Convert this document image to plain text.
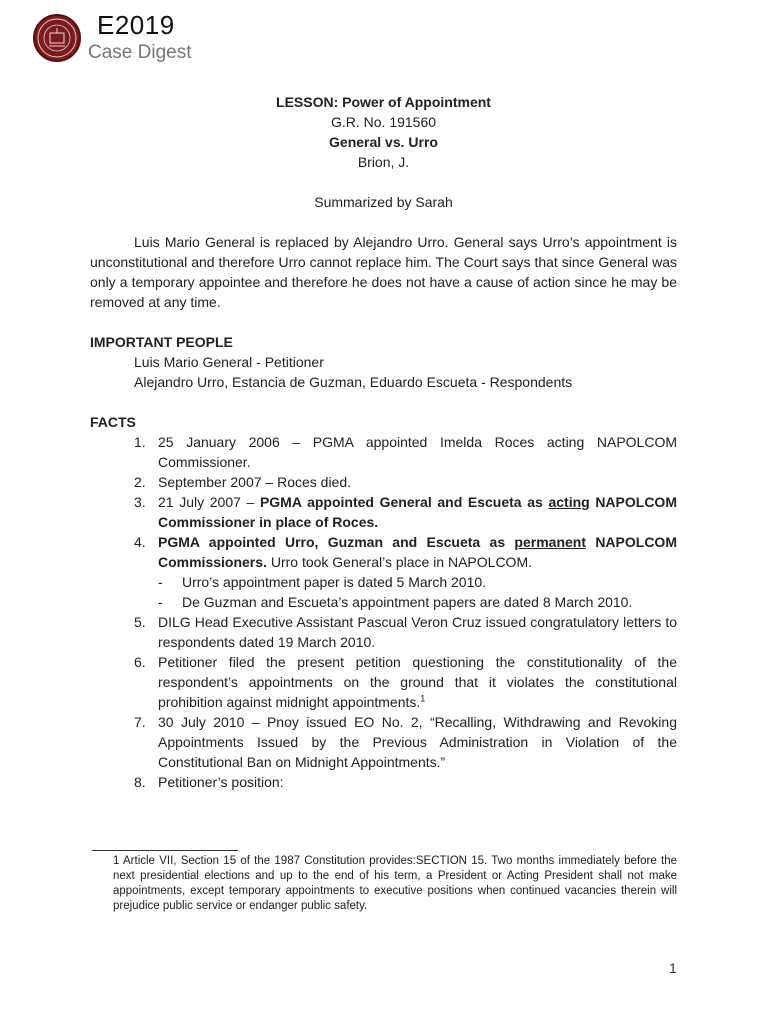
E2019
Case Digest
LESSON: Power of Appointment
G.R. No. 191560
General vs. Urro
Brion, J.
Summarized by Sarah
Luis Mario General is replaced by Alejandro Urro. General says Urro’s appointment is unconstitutional and therefore Urro cannot replace him. The Court says that since General was only a temporary appointee and therefore he does not have a cause of action since he may be removed at any time.
IMPORTANT PEOPLE
Luis Mario General - Petitioner
Alejandro Urro, Estancia de Guzman, Eduardo Escueta - Respondents
FACTS
1. 25 January 2006 – PGMA appointed Imelda Roces acting NAPOLCOM Commissioner.
2. September 2007 – Roces died.
3. 21 July 2007 – PGMA appointed General and Escueta as acting NAPOLCOM Commissioner in place of Roces.
4. PGMA appointed Urro, Guzman and Escueta as permanent NAPOLCOM Commissioners. Urro took General’s place in NAPOLCOM.
- Urro’s appointment paper is dated 5 March 2010.
- De Guzman and Escueta’s appointment papers are dated 8 March 2010.
5. DILG Head Executive Assistant Pascual Veron Cruz issued congratulatory letters to respondents dated 19 March 2010.
6. Petitioner filed the present petition questioning the constitutionality of the respondent’s appointments on the ground that it violates the constitutional prohibition against midnight appointments.$^1$
7. 30 July 2010 – Pnoy issued EO No. 2, “Recalling, Withdrawing and Revoking Appointments Issued by the Previous Administration in Violation of the Constitutional Ban on Midnight Appointments.”
8. Petitioner’s position:
1 Article VII, Section 15 of the 1987 Constitution provides:SECTION 15. Two months immediately before the next presidential elections and up to the end of his term, a President or Acting President shall not make appointments, except temporary appointments to executive positions when continued vacancies therein will prejudice public service or endanger public safety.
1
